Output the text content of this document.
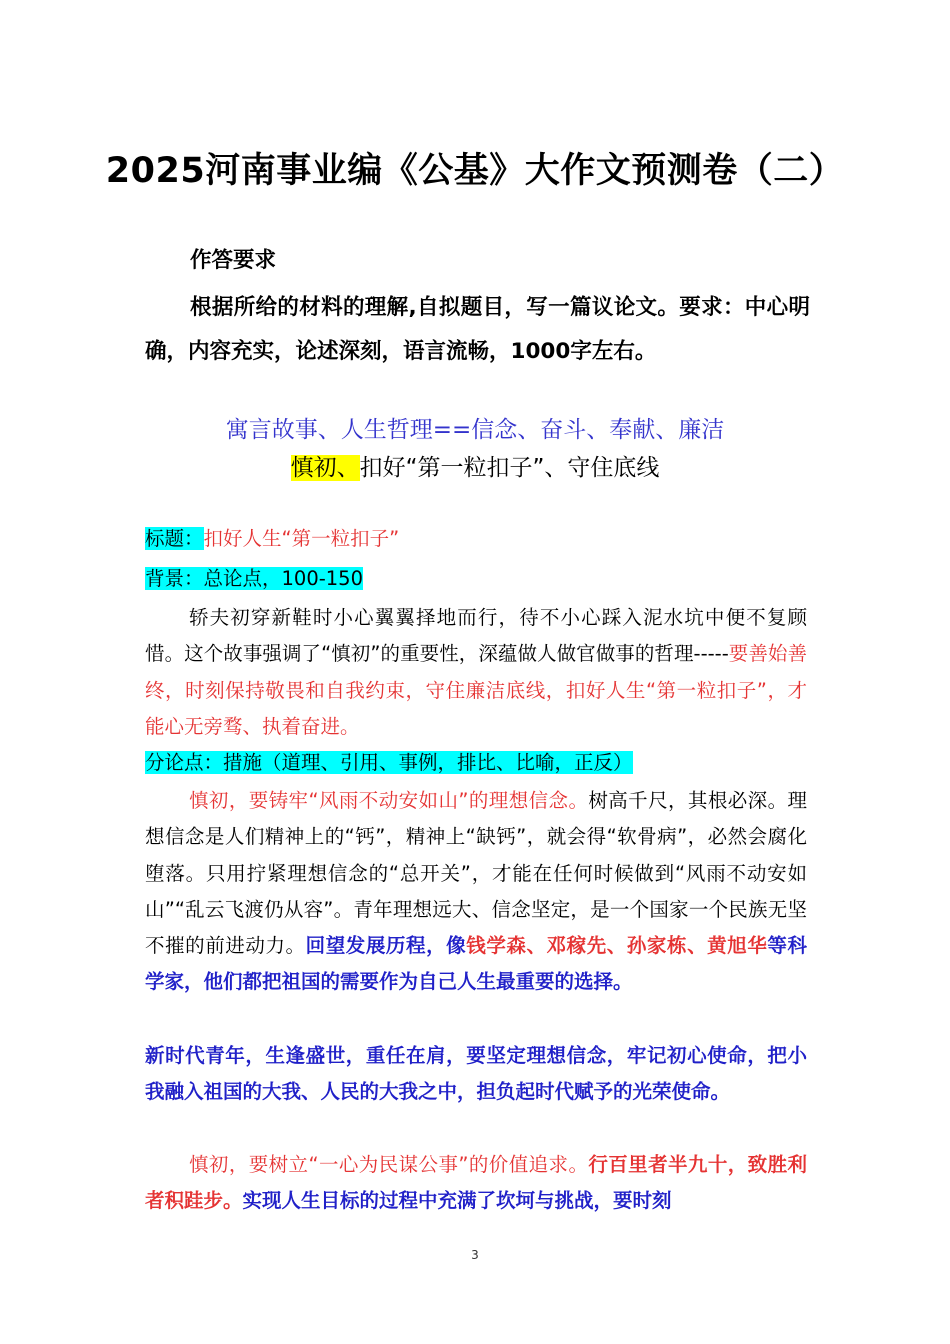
2025河南事业编《公基》大作文预测卷（二）
作答要求

根据所给的材料的理解,自拟题目，写一篇议论文。要求：中心明确，内容充实，论述深刻，语言流畅，1000字左右。

寓言故事、人生哲理==信念、奋斗、奉献、廉洁
慎初、扣好“第一粒扣子”、守住底线
标题：扣好人生“第一粒扣子”
背景：总论点，100-150

轿夫初穿新鞋时小心翼翼择地而行，待不小心踩入泥水坑中便不复顾惜。这个故事强调了“慎初”的重要性，深蕴做人做官做事的哲理-----要善始善终，时刻保持敬畏和自我约束，守住廉洁底线，扣好人生“第一粒扣子”，才能心无旁骛、执着奋进。

分论点：措施（道理、引用、事例，排比、比喻，正反）

慎初，要铸牢“风雨不动安如山”的理想信念。树高千尺，其根必深。理想信念是人们精神上的“钙”，精神上“缺钙”，就会得“软骨病”，必然会腐化堕落。只用拧紧理想信念的“总开关”，才能在任何时候做到“风雨不动安如山”“乱云飞渡仍从容”。青年理想远大、信念坚定，是一个国家一个民族无坚不摧的前进动力。回望发展历程，像钱学森、邓稼先、孙家栋、黄旭华等科学家，他们都把祖国的需要作为自己人生最重要的选择。

新时代青年，生逢盛世，重任在肩，要坚定理想信念，牢记初心使命，把小我融入祖国的大我、人民的大我之中，担负起时代赋予的光荣使命。

慎初，要树立“一心为民谋公事”的价值追求。行百里者半九十，致胜利者积跬步。实现人生目标的过程中充满了坎坷与挑战，要时刻

3
